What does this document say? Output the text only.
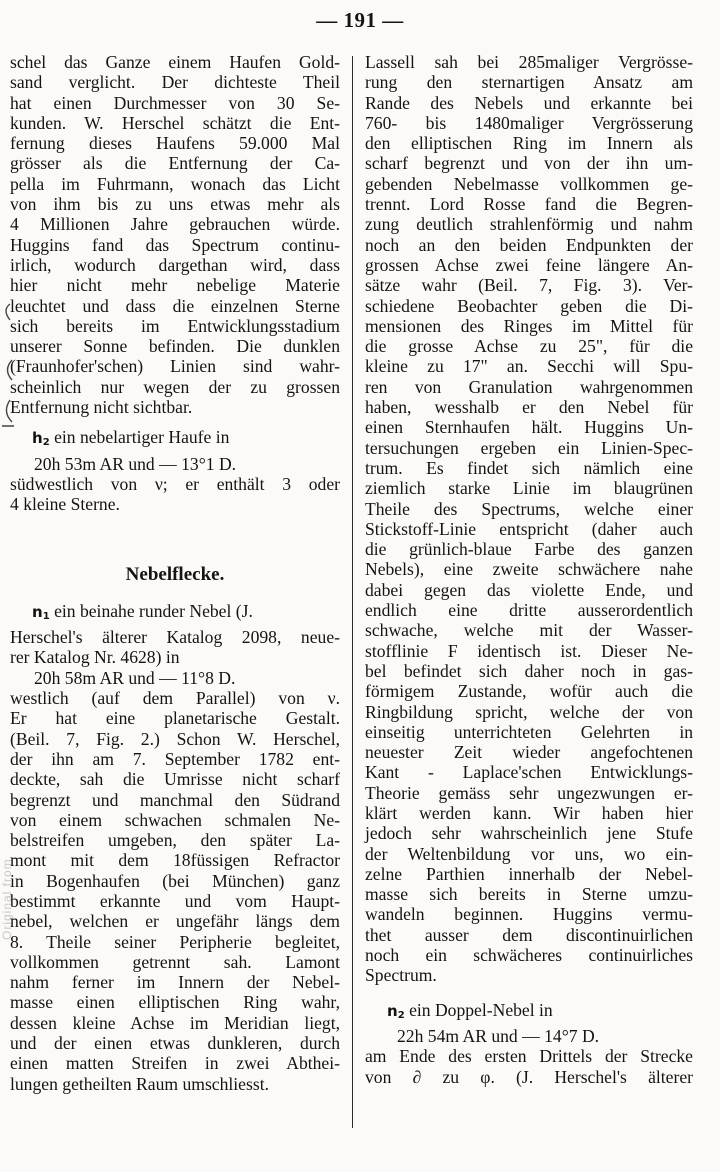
— 191 —
Original from
schel das Ganze einem Haufen Gold-
sand verglicht. Der dichteste Theil
hat einen Durchmesser von 30 Se-
kunden. W. Herschel schätzt die Ent-
fernung dieses Haufens 59.000 Mal
grösser als die Entfernung der Ca-
pella im Fuhrmann, wonach das Licht
von ihm bis zu uns etwas mehr als
4 Millionen Jahre gebrauchen würde.
Huggins fand das Spectrum continu-
irlich, wodurch dargethan wird, dass
hier nicht mehr nebelige Materie
leuchtet und dass die einzelnen Sterne
sich bereits im Entwicklungsstadium
unserer Sonne befinden. Die dunklen
(Fraunhofer'schen) Linien sind wahr-
scheinlich nur wegen der zu grossen
Entfernung nicht sichtbar.
$h_2$ ein nebelartiger Haufe in
20h 53m AR und — 13°1 D.
südwestlich von ν; er enthält 3 oder
4 kleine Sterne.
Nebelflecke.
$n_1$ ein beinahe runder Nebel (J.
Herschel's älterer Katalog 2098, neue-
rer Katalog Nr. 4628) in
20h 58m AR und — 11°8 D.
westlich (auf dem Parallel) von ν.
Er hat eine planetarische Gestalt.
(Beil. 7, Fig. 2.) Schon W. Herschel,
der ihn am 7. September 1782 ent-
deckte, sah die Umrisse nicht scharf
begrenzt und manchmal den Südrand
von einem schwachen schmalen Ne-
belstreifen umgeben, den später La-
mont mit dem 18füssigen Refractor
in Bogenhaufen (bei München) ganz
bestimmt erkannte und vom Haupt-
nebel, welchen er ungefähr längs dem
8. Theile seiner Peripherie begleitet,
vollkommen getrennt sah. Lamont
nahm ferner im Innern der Nebel-
masse einen elliptischen Ring wahr,
dessen kleine Achse im Meridian liegt,
und der einen etwas dunkleren, durch
einen matten Streifen in zwei Abthei-
lungen getheilten Raum umschliesst.
Lassell sah bei 285maliger Vergrösse-
rung den sternartigen Ansatz am
Rande des Nebels und erkannte bei
760- bis 1480maliger Vergrösserung
den elliptischen Ring im Innern als
scharf begrenzt und von der ihn um-
gebenden Nebelmasse vollkommen ge-
trennt. Lord Rosse fand die Begren-
zung deutlich strahlenförmig und nahm
noch an den beiden Endpunkten der
grossen Achse zwei feine längere An-
sätze wahr (Beil. 7, Fig. 3). Ver-
schiedene Beobachter geben die Di-
mensionen des Ringes im Mittel für
die grosse Achse zu 25", für die
kleine zu 17" an. Secchi will Spu-
ren von Granulation wahrgenommen
haben, wesshalb er den Nebel für
einen Sternhaufen hält. Huggins Un-
tersuchungen ergeben ein Linien-Spec-
trum. Es findet sich nämlich eine
ziemlich starke Linie im blaugrünen
Theile des Spectrums, welche einer
Stickstoff-Linie entspricht (daher auch
die grünlich-blaue Farbe des ganzen
Nebels), eine zweite schwächere nahe
dabei gegen das violette Ende, und
endlich eine dritte ausserordentlich
schwache, welche mit der Wasser-
stofflinie F identisch ist. Dieser Ne-
bel befindet sich daher noch in gas-
förmigem Zustande, wofür auch die
Ringbildung spricht, welche der von
einseitig unterrichteten Gelehrten in
neuester Zeit wieder angefochtenen
Kant - Laplace'schen Entwicklungs-
Theorie gemäss sehr ungezwungen er-
klärt werden kann. Wir haben hier
jedoch sehr wahrscheinlich jene Stufe
der Weltenbildung vor uns, wo ein-
zelne Parthien innerhalb der Nebel-
masse sich bereits in Sterne umzu-
wandeln beginnen. Huggins vermu-
thet ausser dem discontinuirlichen
noch ein schwächeres continuirliches
Spectrum.
$n_2$ ein Doppel-Nebel in
22h 54m AR und — 14°7 D.
am Ende des ersten Drittels der Strecke
von ∂ zu φ. (J. Herschel's älterer
